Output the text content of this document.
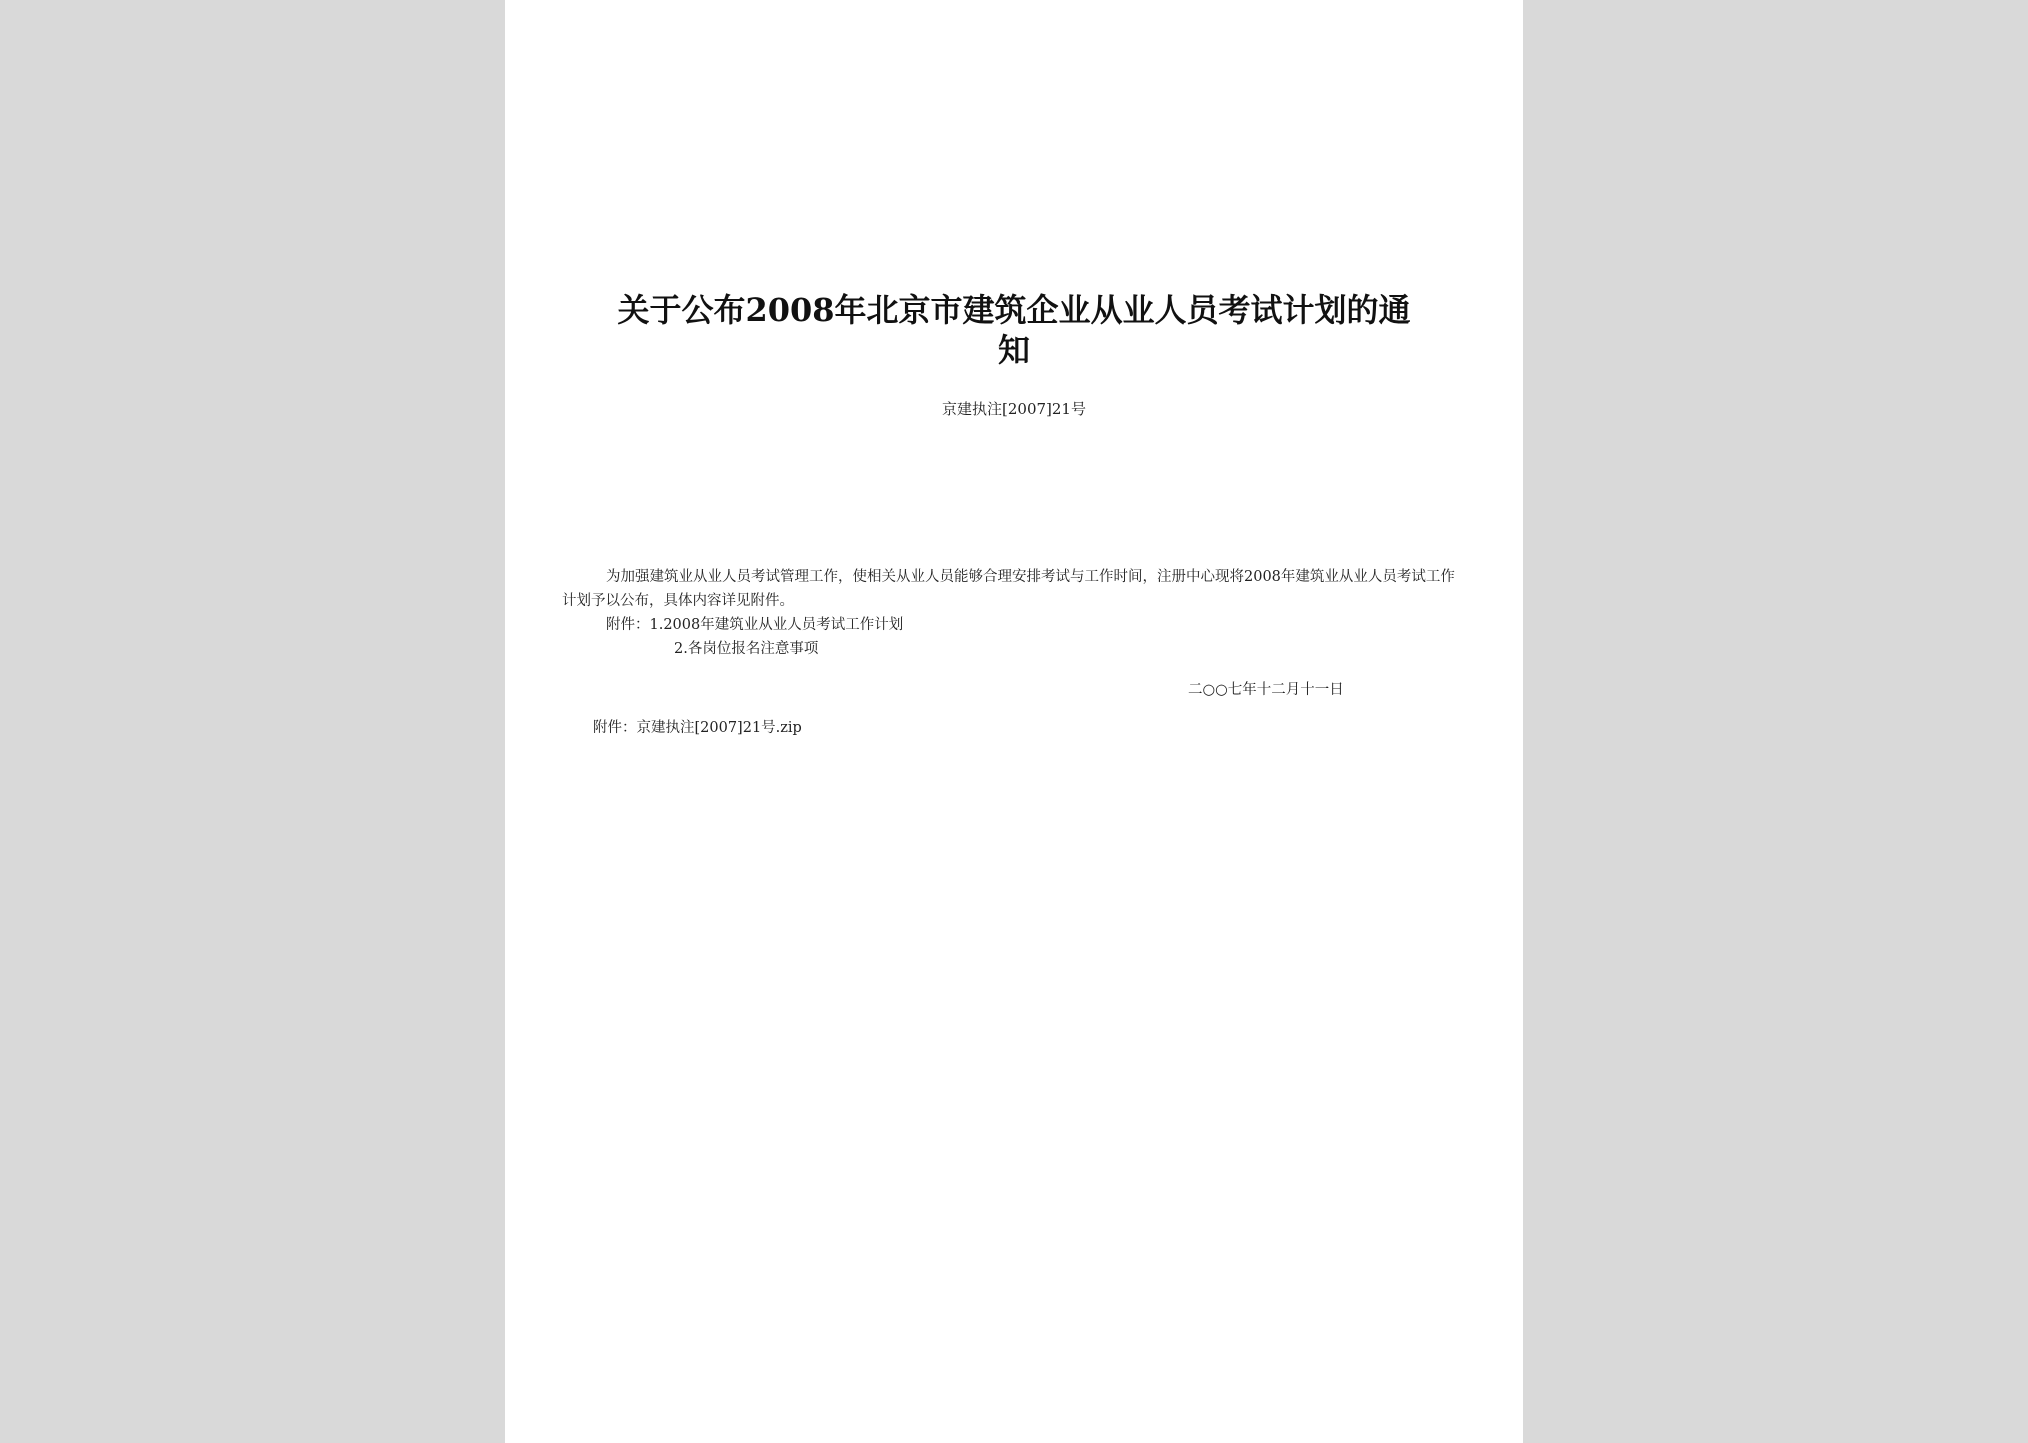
关于公布2008年北京市建筑企业从业人员考试计划的通
知
京建执注[2007]21号

为加强建筑业从业人员考试管理工作，使相关从业人员能够合理安排考试与工作时间，注册中心现将2008年建筑业从业人员考试工作计划予以公布，具体内容详见附件。

附件：1.2008年建筑业从业人员考试工作计划

2.各岗位报名注意事项

二○○七年十二月十一日
附件：京建执注[2007]21号.zip
